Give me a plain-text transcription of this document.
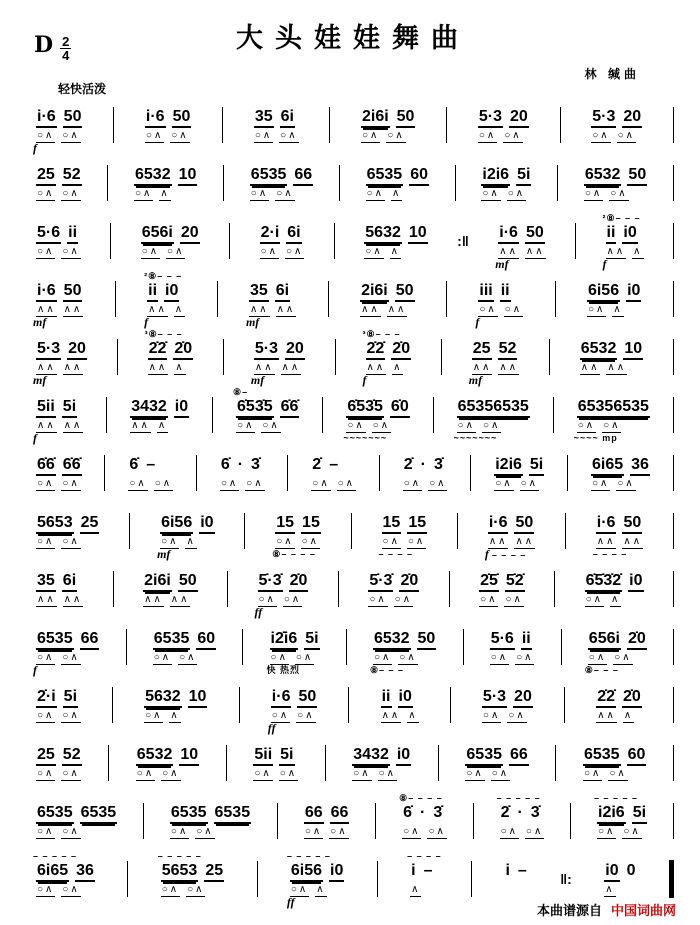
D $\frac{2}{4}$	大头娃娃舞曲
林 缄曲
轻快活泼

i·6 50
○∧ ○∧
f

i·6 50
○∧ ○∧

35 6i
○∧ ○∧

2i6i 50
○∧ ○∧

5·3 20
○∧ ○∧

5·3 20
○∧ ○∧

25 52
○∧ ○∧

6532 10
○∧ ∧

6535 66
○∧ ○∧

6535 60
○∧ ∧

i2i6 5i
○∧ ○∧

6532 50
○∧ ○∧

5·6 ii
○∧ ○∧

656i 20
○∧ ○∧

2·i 6i
○∧ ○∧

5632 10
○∧ ∧

:‖
i·6 50
∧∧ ∧∧
mf
²⑧– – –
ii i0
∧∧ ∧
f

i·6 50
∧∧ ∧∧
mf
²⑧– – –
ii i0
∧∧ ∧
f

35 6i
∧∧ ∧∧
mf

2i6i 50
∧∧ ∧∧

iii ii
○∧ ○∧
f

6i56 i0
○∧ ∧

5·3 20
∧∧ ∧∧
mf
³⑧– – –
2̇2̇ 2̇0
∧∧ ∧

5·3 20
∧∧ ∧∧
mf
³⑧– – –
2̇2̇ 2̇0
∧∧ ∧
f

25 52
∧∧ ∧∧
mf

6532 10
∧∧ ∧∧

5ii 5i
∧∧ ∧∧
f

3432 i0
∧∧ ∧

⑧–
6̇53̇5 6̇6̇
○∧ ○∧

6̇53̇5 6̇0
○∧ ○∧
~~~~~~~

65356535
○∧ ○∧
~~~~~~~

65356535
○∧ ○∧
~~~~ mp

6̇6̇ 6̇6̇
○∧ ○∧

6̇ –
○∧ ○∧

6̇ · 3̇
○∧ ○∧

2̇ –
○∧ ○∧

2̇ · 3̇
○∧ ○∧

i2i6 5i
○∧ ○∧

6i65 36
○∧ ○∧

5653 25
○∧ ○∧

6i56 i0
○∧ ∧
mf

15 15
○∧ ○∧
⑧– – – –

15 15
○∧ ○∧
– – – –

i·6 50
∧∧ ∧∧
f – – – –

i·6 50
∧∧ ∧∧
– – – –

35 6i
∧∧ ∧∧

2i6i 50
∧∧ ∧∧

5̇·3̇ 2̇0
○∧ ○∧
ff

5̇·3̇ 2̇0
○∧ ○∧

2̇5̇ 5̇2̇
○∧ ○∧

6̇5̇3̇2̇ i0
○∧ ∧

6535 66
○∧ ○∧
f

6535 60
○∧ ○∧

i2̇i6 5i
○∧ ○∧
快 热烈

6532 50
○∧ ○∧
⑧– – –

5·6 ii
○∧ ○∧

656i 2̇0
○∧ ○∧
⑧– – –

2̇·i 5i
○∧ ○∧

5632 10
○∧ ∧

i·6 50
○∧ ○∧
ff

ii i0
∧∧ ∧

5·3 20
○∧ ○∧

2̇2̇ 2̇0
∧∧ ∧

25 52
○∧ ○∧

6532 10
○∧ ○∧

5ii 5i
○∧ ○∧

3432 i0
○∧ ○∧

6535 66
○∧ ○∧

6535 60
○∧ ○∧

6535 6535
○∧ ○∧

6535 6535
○∧ ○∧

66 66
○∧ ○∧

⑧– – – –
6̇ · 3̇
○∧ ○∧

– – – – –
2̇ · 3̇
○∧ ○∧

– – – – –
i2i6 5i
○∧ ○∧

– – – – –
6i65 36
○∧ ○∧

– – – – –
5653 25
○∧ ○∧

– – – – –
6i56 i0
○∧ ∧
ff
– – – –
i –
∧

i –
‖:
i0 0
∧

本曲谱源自 中国词曲网
